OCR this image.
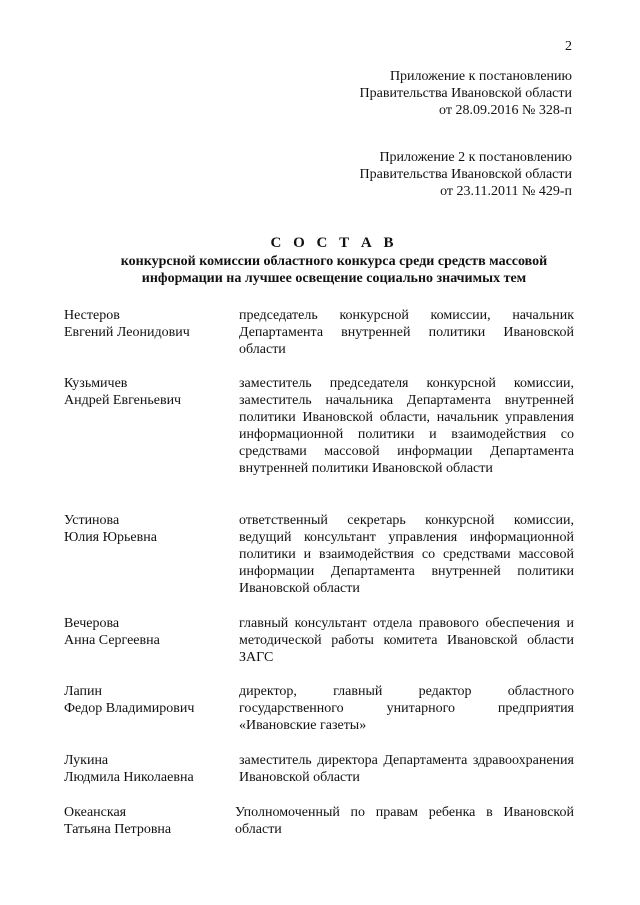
2
Приложение к постановлению
Правительства Ивановской области
от 28.09.2016 № 328-п
Приложение 2 к постановлению
Правительства Ивановской области
от 23.11.2011 № 429-п
С О С Т А В
конкурсной комиссии областного конкурса среди средств массовой
информации на лучшее освещение социально значимых тем
Нестеров
Евгений Леонидович
председатель конкурсной комиссии, начальник Департамента внутренней политики Ивановской области
Кузьмичев
Андрей Евгеньевич
заместитель председателя конкурсной комиссии, заместитель начальника Департамента внутренней политики Ивановской области, начальник управления информационной политики и взаимодействия со средствами массовой информации Департамента внутренней политики Ивановской области
Устинова
Юлия Юрьевна
ответственный секретарь конкурсной комиссии, ведущий консультант управления информационной политики и взаимодействия со средствами массовой информации Департамента внутренней политики Ивановской области
Вечерова
Анна Сергеевна
главный консультант отдела правового обеспечения и методической работы комитета Ивановской области ЗАГС
Лапин
Федор Владимирович
директор, главный редактор областного государственного унитарного предприятия «Ивановские газеты»
Лукина
Людмила Николаевна
заместитель директора Департамента здравоохранения Ивановской области
Океанская
Татьяна Петровна
Уполномоченный по правам ребенка в Ивановской области
